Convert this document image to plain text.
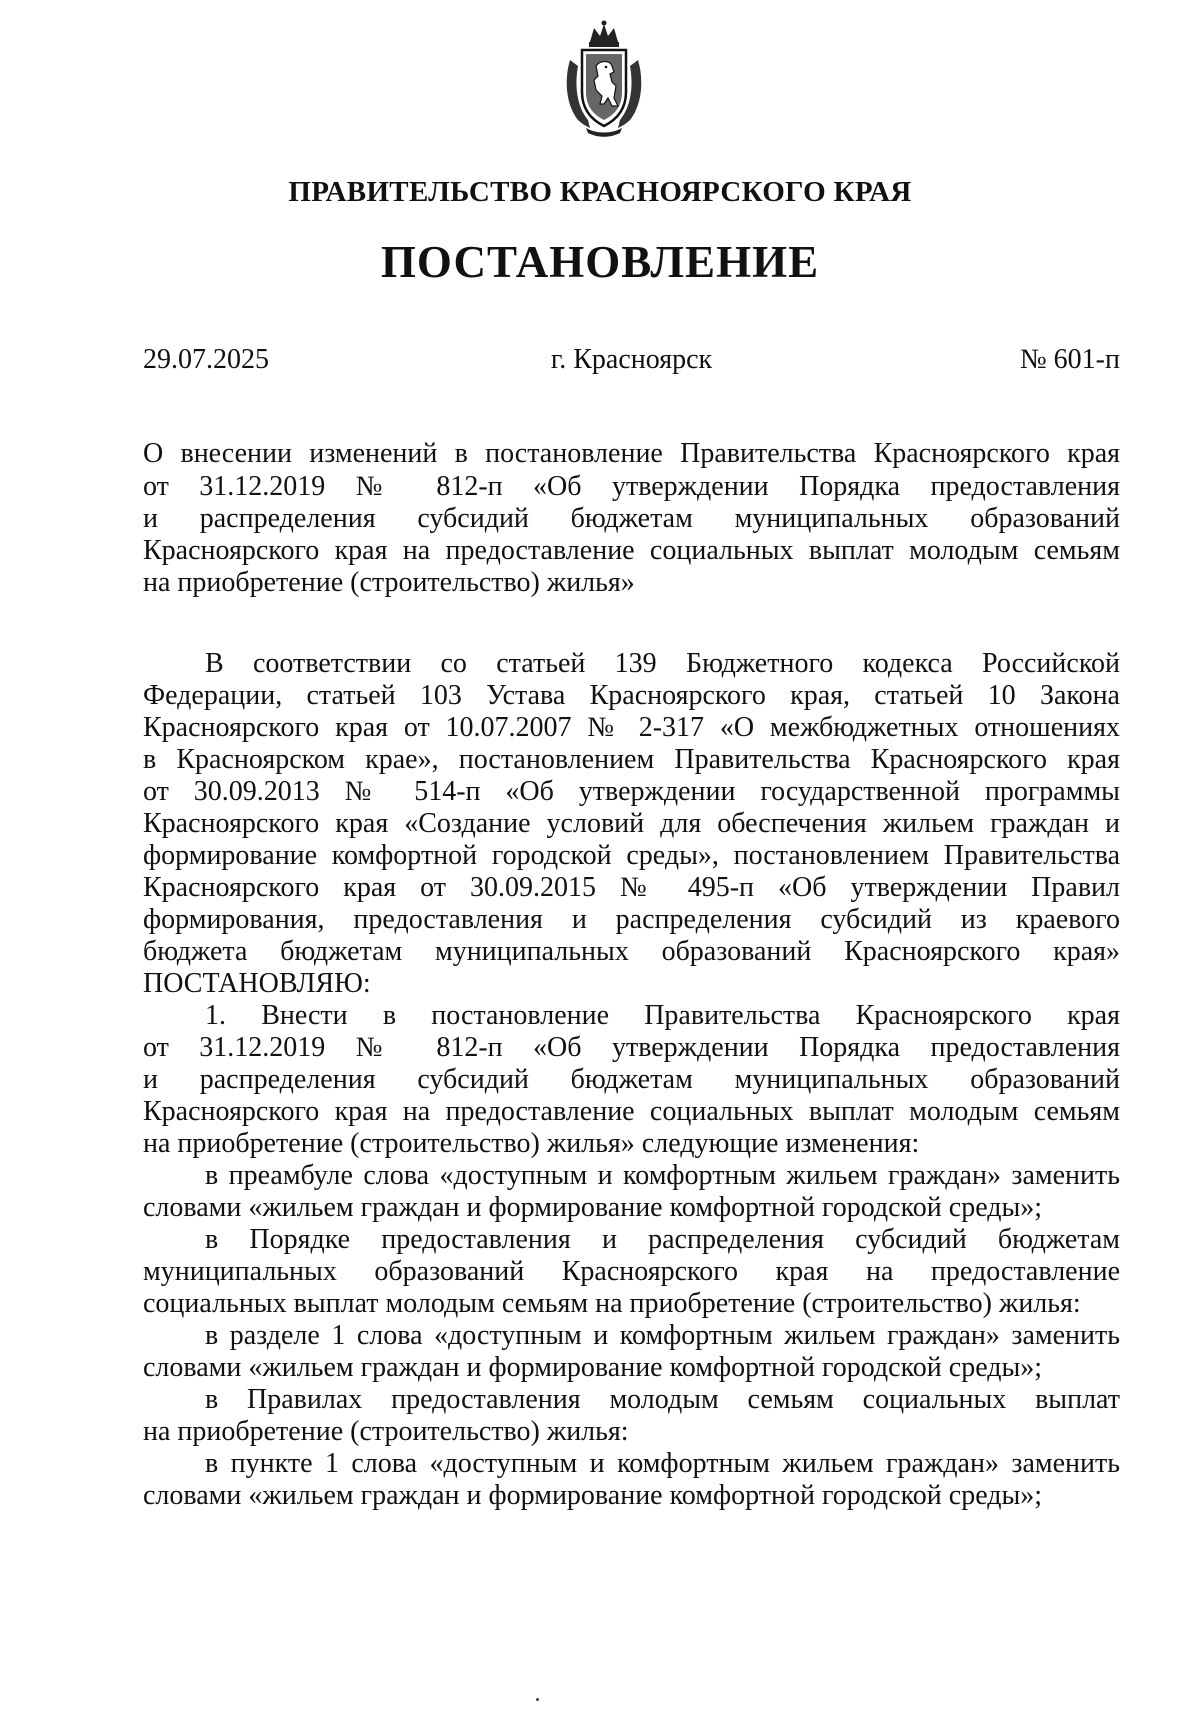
ПРАВИТЕЛЬСТВО КРАСНОЯРСКОГО КРАЯ
ПОСТАНОВЛЕНИЕ
29.07.2025	г. Красноярск	№ 601-п
О внесении изменений в постановление Правительства Красноярского края
от 31.12.2019 № 812-п «Об утверждении Порядка предоставления
и распределения субсидий бюджетам муниципальных образований
Красноярского края на предоставление социальных выплат молодым семьям
на приобретение (строительство) жилья»
В соответствии со статьей 139 Бюджетного кодекса Российской
Федерации, статьей 103 Устава Красноярского края, статьей 10 Закона
Красноярского края от 10.07.2007 № 2-317 «О межбюджетных отношениях
в Красноярском крае», постановлением Правительства Красноярского края
от 30.09.2013 № 514-п «Об утверждении государственной программы
Красноярского края «Создание условий для обеспечения жильем граждан и
формирование комфортной городской среды», постановлением Правительства
Красноярского края от 30.09.2015 № 495-п «Об утверждении Правил
формирования, предоставления и распределения субсидий из краевого
бюджета бюджетам муниципальных образований Красноярского края»
ПОСТАНОВЛЯЮ:
1. Внести в постановление Правительства Красноярского края
от 31.12.2019 № 812-п «Об утверждении Порядка предоставления
и распределения субсидий бюджетам муниципальных образований
Красноярского края на предоставление социальных выплат молодым семьям
на приобретение (строительство) жилья» следующие изменения:
в преамбуле слова «доступным и комфортным жильем граждан» заменить
словами «жильем граждан и формирование комфортной городской среды»;
в Порядке предоставления и распределения субсидий бюджетам
муниципальных образований Красноярского края на предоставление
социальных выплат молодым семьям на приобретение (строительство) жилья:
в разделе 1 слова «доступным и комфортным жильем граждан» заменить
словами «жильем граждан и формирование комфортной городской среды»;
в Правилах предоставления молодым семьям социальных выплат
на приобретение (строительство) жилья:
в пункте 1 слова «доступным и комфортным жильем граждан» заменить
словами «жильем граждан и формирование комфортной городской среды»;
